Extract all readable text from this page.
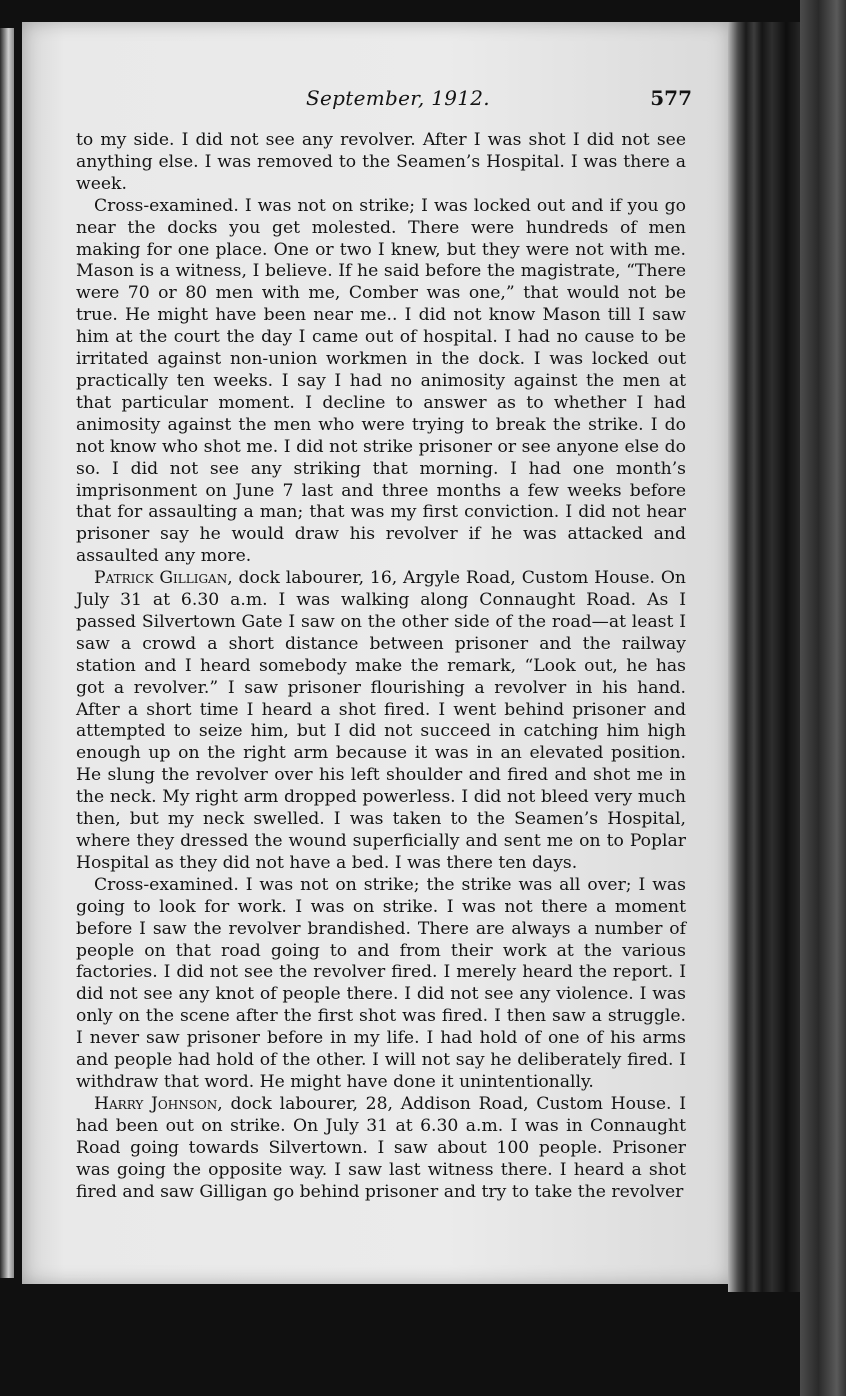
September, 1912.	577

to my side. I did not see any revolver. After I was shot I did not see anything else. I was removed to the Seamen’s Hospital. I was there a week.

Cross-examined. I was not on strike; I was locked out and if you go near the docks you get molested. There were hundreds of men making for one place. One or two I knew, but they were not with me. Mason is a witness, I believe. If he said before the magistrate, “There were 70 or 80 men with me, Comber was one,” that would not be true. He might have been near me.. I did not know Mason till I saw him at the court the day I came out of hospital. I had no cause to be irritated against non-union workmen in the dock. I was locked out practically ten weeks. I say I had no animosity against the men at that particular moment. I decline to answer as to whether I had animosity against the men who were trying to break the strike. I do not know who shot me. I did not strike prisoner or see anyone else do so. I did not see any striking that morning. I had one month’s imprisonment on June 7 last and three months a few weeks before that for assaulting a man; that was my first conviction. I did not hear prisoner say he would draw his revolver if he was attacked and assaulted any more.

Patrick Gilligan, dock labourer, 16, Argyle Road, Custom House. On July 31 at 6.30 a.m. I was walking along Connaught Road. As I passed Silvertown Gate I saw on the other side of the road—at least I saw a crowd a short distance between prisoner and the railway station and I heard somebody make the remark, “Look out, he has got a revolver.” I saw prisoner flourishing a revolver in his hand. After a short time I heard a shot fired. I went behind prisoner and attempted to seize him, but I did not succeed in catching him high enough up on the right arm because it was in an elevated position. He slung the revolver over his left shoulder and fired and shot me in the neck. My right arm dropped powerless. I did not bleed very much then, but my neck swelled. I was taken to the Seamen’s Hospital, where they dressed the wound superficially and sent me on to Poplar Hospital as they did not have a bed. I was there ten days.

Cross-examined. I was not on strike; the strike was all over; I was going to look for work. I was on strike. I was not there a moment before I saw the revolver brandished. There are always a number of people on that road going to and from their work at the various factories. I did not see the revolver fired. I merely heard the report. I did not see any knot of people there. I did not see any violence. I was only on the scene after the first shot was fired. I then saw a struggle. I never saw prisoner before in my life. I had hold of one of his arms and people had hold of the other. I will not say he deliberately fired. I withdraw that word. He might have done it unintentionally.

Harry Johnson, dock labourer, 28, Addison Road, Custom House. I had been out on strike. On July 31 at 6.30 a.m. I was in Connaught Road going towards Silvertown. I saw about 100 people. Prisoner was going the opposite way. I saw last witness there. I heard a shot fired and saw Gilligan go behind prisoner and try to take the revolver
